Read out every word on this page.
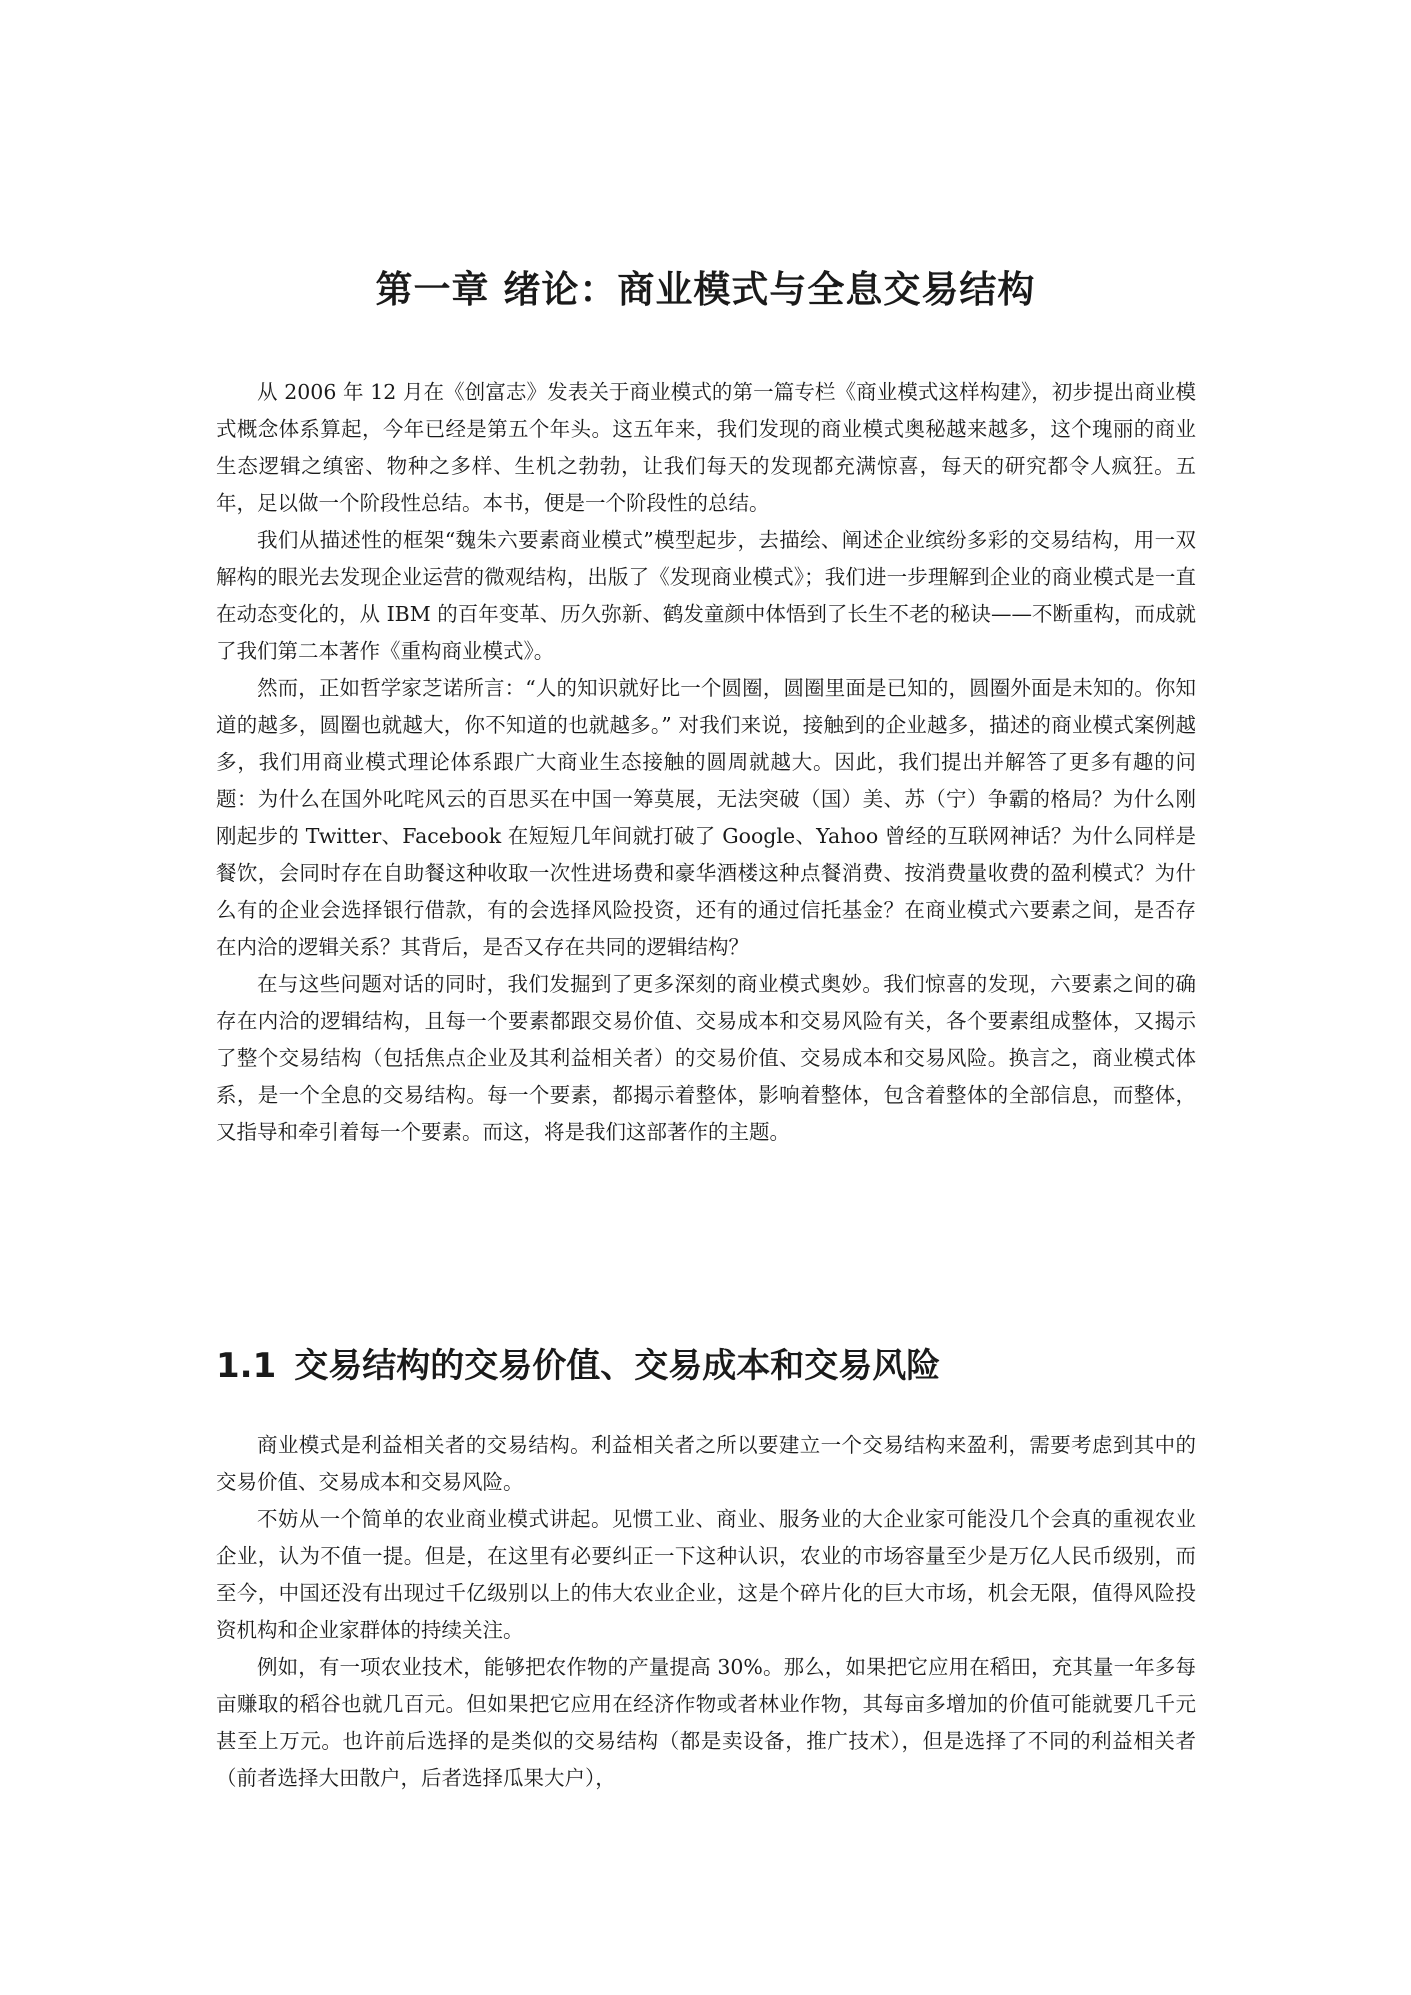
第一章 绪论：商业模式与全息交易结构

从 2006 年 12 月在《创富志》发表关于商业模式的第一篇专栏《商业模式这样构建》，初步提出商业模式概念体系算起，今年已经是第五个年头。这五年来，我们发现的商业模式奥秘越来越多，这个瑰丽的商业生态逻辑之缜密、物种之多样、生机之勃勃，让我们每天的发现都充满惊喜，每天的研究都令人疯狂。五年，足以做一个阶段性总结。本书，便是一个阶段性的总结。

我们从描述性的框架“魏朱六要素商业模式”模型起步，去描绘、阐述企业缤纷多彩的交易结构，用一双解构的眼光去发现企业运营的微观结构，出版了《发现商业模式》；我们进一步理解到企业的商业模式是一直在动态变化的，从 IBM 的百年变革、历久弥新、鹤发童颜中体悟到了长生不老的秘诀——不断重构，而成就了我们第二本著作《重构商业模式》。

然而，正如哲学家芝诺所言：“人的知识就好比一个圆圈，圆圈里面是已知的，圆圈外面是未知的。你知道的越多，圆圈也就越大，你不知道的也就越多。” 对我们来说，接触到的企业越多，描述的商业模式案例越多，我们用商业模式理论体系跟广大商业生态接触的圆周就越大。因此，我们提出并解答了更多有趣的问题：为什么在国外叱咤风云的百思买在中国一筹莫展，无法突破（国）美、苏（宁）争霸的格局？为什么刚刚起步的 Twitter、Facebook 在短短几年间就打破了 Google、Yahoo 曾经的互联网神话？为什么同样是餐饮，会同时存在自助餐这种收取一次性进场费和豪华酒楼这种点餐消费、按消费量收费的盈利模式？为什么有的企业会选择银行借款，有的会选择风险投资，还有的通过信托基金？在商业模式六要素之间，是否存在内洽的逻辑关系？其背后，是否又存在共同的逻辑结构？

在与这些问题对话的同时，我们发掘到了更多深刻的商业模式奥妙。我们惊喜的发现，六要素之间的确存在内洽的逻辑结构，且每一个要素都跟交易价值、交易成本和交易风险有关，各个要素组成整体，又揭示了整个交易结构（包括焦点企业及其利益相关者）的交易价值、交易成本和交易风险。换言之，商业模式体系，是一个全息的交易结构。每一个要素，都揭示着整体，影响着整体，包含着整体的全部信息，而整体，又指导和牵引着每一个要素。而这，将是我们这部著作的主题。

1.1 交易结构的交易价值、交易成本和交易风险

商业模式是利益相关者的交易结构。利益相关者之所以要建立一个交易结构来盈利，需要考虑到其中的交易价值、交易成本和交易风险。

不妨从一个简单的农业商业模式讲起。见惯工业、商业、服务业的大企业家可能没几个会真的重视农业企业，认为不值一提。但是，在这里有必要纠正一下这种认识，农业的市场容量至少是万亿人民币级别，而至今，中国还没有出现过千亿级别以上的伟大农业企业，这是个碎片化的巨大市场，机会无限，值得风险投资机构和企业家群体的持续关注。

例如，有一项农业技术，能够把农作物的产量提高 30%。那么，如果把它应用在稻田，充其量一年多每亩赚取的稻谷也就几百元。但如果把它应用在经济作物或者林业作物，其每亩多增加的价值可能就要几千元甚至上万元。也许前后选择的是类似的交易结构（都是卖设备，推广技术），但是选择了不同的利益相关者（前者选择大田散户，后者选择瓜果大户），
